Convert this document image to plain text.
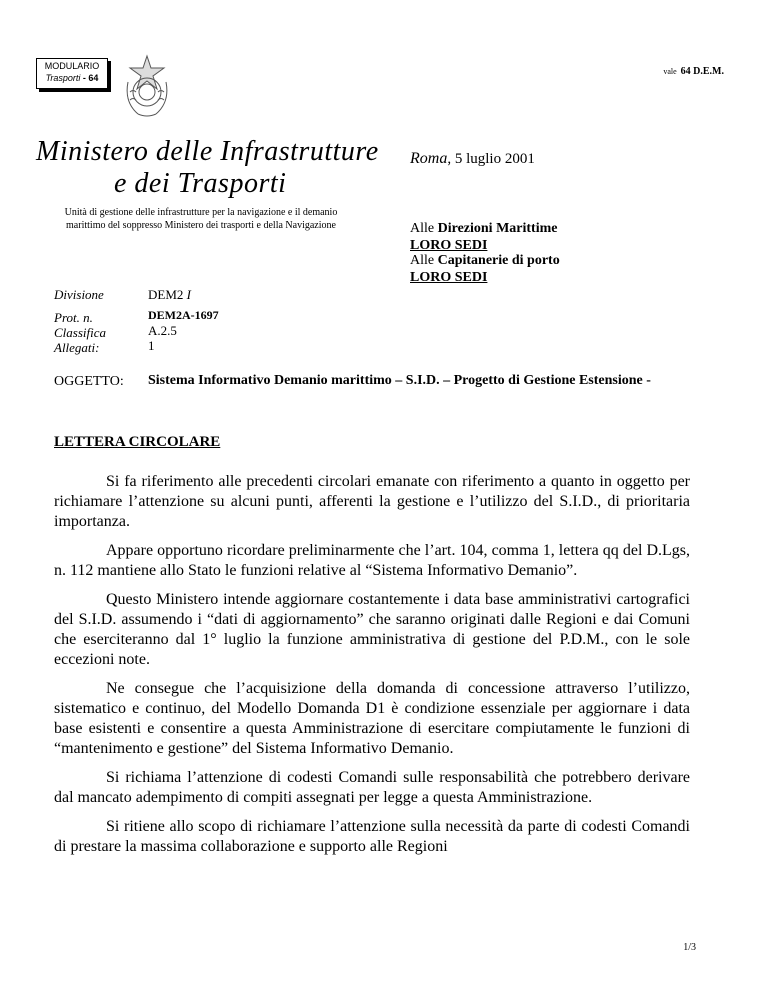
MODULARIO
Trasporti - 64
vale 64 D.E.M.
Ministero delle Infrastrutture
e dei Trasporti
Unità di gestione delle infrastrutture per la navigazione e il demanio marittimo del soppresso Ministero dei trasporti e della Navigazione
Roma, 5 luglio 2001
Alle Direzioni Marittime
LORO SEDI
Alle Capitanerie di porto
LORO SEDI
Divisione	DEM2 I
Prot. n.	DEM2A-1697
Classifica	A.2.5
Allegati:	1
OGGETTO: Sistema Informativo Demanio marittimo – S.I.D. – Progetto di Gestione Estensione -
LETTERA CIRCOLARE

Si fa riferimento alle precedenti circolari emanate con riferimento a quanto in oggetto per richiamare l’attenzione su alcuni punti, afferenti la gestione e l’utilizzo del S.I.D., di prioritaria importanza.

Appare opportuno ricordare preliminarmente che l’art. 104, comma 1, lettera qq del D.Lgs, n. 112 mantiene allo Stato le funzioni relative al “Sistema Informativo Demanio”.

Questo Ministero intende aggiornare costantemente i data base amministrativi cartografici del S.I.D. assumendo i “dati di aggiornamento” che saranno originati dalle Regioni e dai Comuni che eserciteranno dal 1° luglio la funzione amministrativa di gestione del P.D.M., con le sole eccezioni note.

Ne consegue che l’acquisizione della domanda di concessione attraverso l’utilizzo, sistematico e continuo, del Modello Domanda D1 è condizione essenziale per aggiornare i data base esistenti e consentire a questa Amministrazione di esercitare compiutamente le funzioni di “mantenimento e gestione” del Sistema Informativo Demanio.

Si richiama l’attenzione di codesti Comandi sulle responsabilità che potrebbero derivare dal mancato adempimento di compiti assegnati per legge a questa Amministrazione.

Si ritiene allo scopo di richiamare l’attenzione sulla necessità da parte di codesti Comandi di prestare la massima collaborazione e supporto alle Regioni

1/3
